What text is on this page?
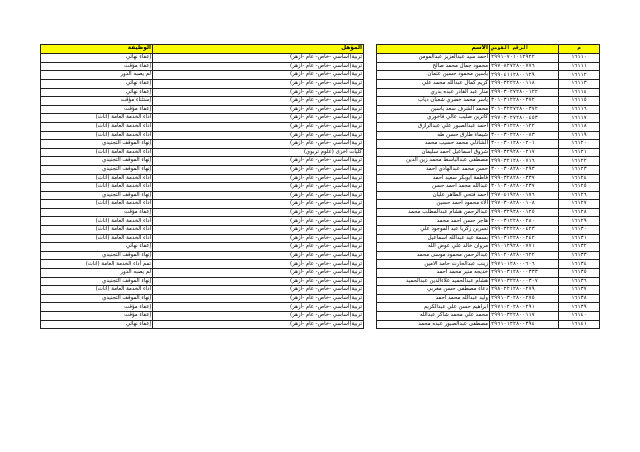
الوظيفة	المؤهل
إعفاء نهائي	تربية(أساسي -خاص- عام -أزهر)
إعفاء مؤقت	تربية(أساسي -خاص- عام -أزهر)
لم يصبه الدور	تربية(أساسي -خاص- عام -أزهر)
إعفاء نهائي	تربية(أساسي -خاص- عام -أزهر)
إعفاء نهائي	تربية(أساسي -خاص- عام -أزهر)
إستثناء مؤقت	تربية(أساسي -خاص- عام -أزهر)
إعفاء مؤقت	تربية(أساسي -خاص- عام -أزهر)
أداء الخدمة العامة (اناث)	تربية(أساسي -خاص- عام -أزهر)
أداء الخدمة العامة (اناث)	تربية(أساسي -خاص- عام -أزهر)
أداء الخدمة العامة (اناث)	تربية(أساسي -خاص- عام -أزهر)
إنهاء الموقف التجنيدي	تربية(أساسي -خاص- عام -أزهر)
أداء الخدمة العامة (اناث)	كليات أخرى (علوم تربوي)
إنهاء الموقف التجنيدي	تربية(أساسي -خاص- عام -أزهر)
إنهاء الموقف التجنيدي	تربية(أساسي -خاص- عام -أزهر)
أداء الخدمة العامة (اناث)	تربية(أساسي -خاص- عام -أزهر)
أداء الخدمة العامة (اناث)	تربية(أساسي -خاص- عام -أزهر)
إنهاء الموقف التجنيدي	تربية(أساسي -خاص- عام -أزهر)
أداء الخدمة العامة (اناث)	تربية(أساسي -خاص- عام -أزهر)
إعفاء مؤقت	تربية(أساسي -خاص- عام -أزهر)
أداء الخدمة العامة (اناث)	تربية(أساسي -خاص- عام -أزهر)
أداء الخدمة العامة (اناث)	تربية(أساسي -خاص- عام -أزهر)
أداء الخدمة العامة (اناث)	تربية(أساسي -خاص- عام -أزهر)
إعفاء نهائي	تربية(أساسي -خاص- عام -أزهر)
إنهاء الموقف التجنيدي	تربية(أساسي -خاص- عام -أزهر)
تمم أداء الخدمة العامة (اناث)	تربية(أساسي -خاص- عام -أزهر)
لم يصبه الدور	تربية(أساسي -خاص- عام -أزهر)
إنهاء الموقف التجنيدي	تربية(أساسي -خاص- عام -أزهر)
أداء الخدمة العامة (اناث)	تربية(أساسي -خاص- عام -أزهر)
إنهاء الموقف التجنيدي	تربية(أساسي -خاص- عام -أزهر)
إعفاء مؤقت	تربية(أساسي -خاص- عام -أزهر)
إعفاء مؤقت	تربية(أساسي -خاص- عام -أزهر)
إعفاء نهائي	تربية(أساسي -خاص- عام -أزهر)
الاسم	الرقم القومي	م
احمد سيد عبدالعزيز عبدالمومن	٢٩٩١٠٧٠١٠١٢٩٢٢	١٦١١٠
محمود جمال محمد صالح	٢٩٧٠٨٢٧٢٨٠٠٧٧٦	١٦١١١
ياسين محمود حسين عثمان	٢٩٩٠٤١١٢٨٠٠١٢٩	١٦١١٢
كريم كمال عبدالله محمد علي	٢٩٩٠٣٢٢٢٨٠٠١١٨	١٦١١٣
منار عبد القادر عبده بدري	٢٩٩٠٣٠٢٧٢٨٠٠١٢٢	١٦١١٤
ياسر محمد خضري شعبان دياب	٣٠١٠٣١٢٢٨٠٠٣٧٢	١٦١١٥
محمد الشرف سعد ياسين	٣٠١٠٣٢٢٧٢٨٠٠٣٧٢	١٦١١٦
كاترين صليب عالي فاخوري	٢٩٧٠٣٠٢٧٢٨٠٠٤٥٣	١٦١١٧
احمد عبدالصبور علي عبدالرازق	٢٩٩٠٣١٢٢٨٠٠١٢٢	١٦١١٨
شيماء طارق حسن طه	٣٠٠٠٣٠٢٢٨٠٠٠٨٣	١٦١١٩
الشاذلي محمد حسيب محمد	٣٠٠٠٣٠١٢٨٠٠٢٠١	١٦١٢٠
شروق اسماعيل احمد سليمان	٢٩٩٠٣٢٩٢٨٠٠٢١٧	١٦١٢١
مصطفى عبدالباسط محمد زين الدين	٢٩٩٠٣٢١٢٨٠٠٧١٦	١٦١٢٢
حسن محمد عبدالهادي احمد	٣٠٠٠٣٠٨٢٨٠٠٢٩٣	١٦١٢٣
فاطمة ابوبكر سعيد احمد	٢٩٩٠٣٢٨٢٨٠٠٣٣٧	١٦١٢٤
عبدالله محمد احمد حسن	٣٠١٠٣٠٨٢٨٠٠٢٣٧	١٦١٢٥
احمد فتحي الطاهر عليان	٢٩٧٠٤١٩٢٨٠٠١٧٦	١٦١٢٦
الاء محمود احمد حسين	٢٩٧٠٣٠٨٢٨٠٠١٠٨	١٦١٢٧
عبدالرحمن هشام عبدالمطلب محمد	٢٩٩٠٣٢٩٢٨٠٠١٢٥	١٦١٢٨
هاجر حسن احمد محمد	٣٠٠٠٣١٢٢٨٠٠٢٨٠	١٦١٢٩
نسرين زكريا عبد الموجود علي	٢٩٩٠٣٢٢٢٨٠٠٤٢٣	١٦١٣٠
بسمة عيد عبدالله اسماعيل	٢٩١٠٣١٢٢٨٠٠٢٤٢	١٦١٣١
مروان خالد علي عوض الله	٢٩١٠١٢٩٢٨٠٠٧٧١	١٦١٣٢
عبدالرحمن محمود موسى محمد	٢٩١٠٢٠٨٢٨٠٠٦٢٢	١٦١٣٣
زينب عبدالحارث حامد الامين	٢٩٧١٠١٢٨٠٠٠٦٠٦	١٦١٣٤
خديجه منير محمد احمد	٢٩٩١٠٣١٢٨٠٠٠٣٣٣	١٦١٣٥
هشام عبدالحميد علاءالدين عبدالحميد	٢٩٧١٠٣٢٢٨٠٠٠٣٠٧	١٦١٣٦
دعاء مصطفى حسن مغربي	٢٩٨٠٢٢١٢٨٠٠٢٧٩	١٦١٣٧
وليد عبدالله محمد احمد	٢٩٩١٠٣٠٢٨٠٠٢٧٥	١٦١٣٨
ابراهيم حسن علي عبدالكريم	٢٩٧١٠٢٠٢٨٠٠٢٩١	١٦١٣٩
محمد علي محمد شاكر عبدالله	٢٩٩١٠٣٢٢٨٠٠١١٧	١٦١٤٠
مصطفى عبدالصبور عبده محمد	٢٩٦١٠١٢٢٨٠٠٣٩٤	١٦١٤١
